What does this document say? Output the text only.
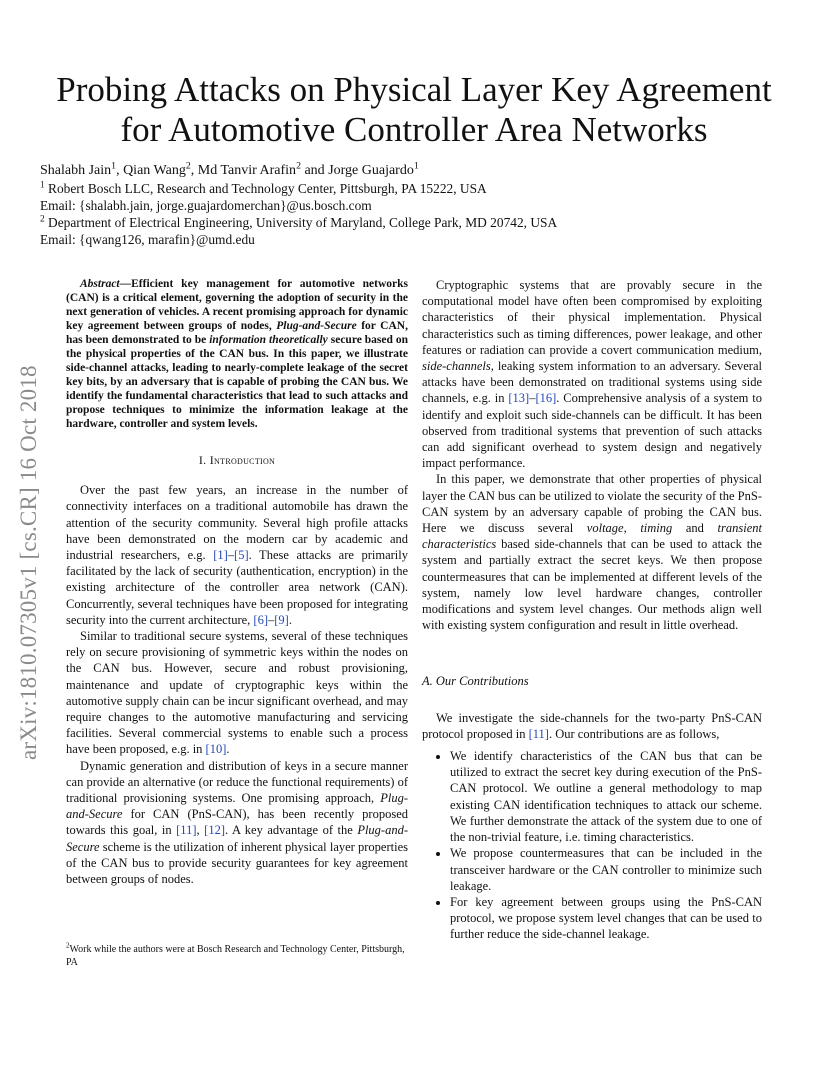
arXiv:1810.07305v1 [cs.CR] 16 Oct 2018
Probing Attacks on Physical Layer Key Agreement
for Automotive Controller Area Networks

Shalabh Jain$^1$, Qian Wang$^2$, Md Tanvir Arafin$^2$ and Jorge Guajardo$^1$

$^1$ Robert Bosch LLC, Research and Technology Center, Pittsburgh, PA 15222, USA

Email: {shalabh.jain, jorge.guajardomerchan}@us.bosch.com

$^2$ Department of Electrical Engineering, University of Maryland, College Park, MD 20742, USA

Email: {qwang126, marafin}@umd.edu

Abstract—Efficient key management for automotive networks (CAN) is a critical element, governing the adoption of security in the next generation of vehicles. A recent promising approach for dynamic key agreement between groups of nodes, Plug-and-Secure for CAN, has been demonstrated to be information theoretically secure based on the physical properties of the CAN bus. In this paper, we illustrate side-channel attacks, leading to nearly-complete leakage of the secret key bits, by an adversary that is capable of probing the CAN bus. We identify the fundamental characteristics that lead to such attacks and propose techniques to minimize the information leakage at the hardware, controller and system levels.

I. Introduction

Over the past few years, an increase in the number of connectivity interfaces on a traditional automobile has drawn the attention of the security community. Several high profile attacks have been demonstrated on the modern car by academic and industrial researchers, e.g. [1]–[5]. These attacks are primarily facilitated by the lack of security (authentication, encryption) in the existing architecture of the controller area network (CAN). Concurrently, several techniques have been proposed for integrating security into the current architecture, [6]–[9].

Similar to traditional secure systems, several of these techniques rely on secure provisioning of symmetric keys within the nodes on the CAN bus. However, secure and robust provisioning, maintenance and update of cryptographic keys within the automotive supply chain can be incur significant overhead, and may require changes to the automotive manufacturing and servicing facilities. Several commercial systems to enable such a process have been proposed, e.g. in [10].

Dynamic generation and distribution of keys in a secure manner can provide an alternative (or reduce the functional requirements) of traditional provisioning systems. One promising approach, Plug-and-Secure for CAN (PnS-CAN), has been recently proposed towards this goal, in [11], [12]. A key advantage of the Plug-and-Secure scheme is the utilization of inherent physical layer properties of the CAN bus to provide security guarantees for key agreement between groups of nodes.

$^2$Work while the authors were at Bosch Research and Technology Center, Pittsburgh, PA

Cryptographic systems that are provably secure in the computational model have often been compromised by exploiting characteristics of their physical implementation. Physical characteristics such as timing differences, power leakage, and other features or radiation can provide a covert communication medium, side-channels, leaking system information to an adversary. Several attacks have been demonstrated on traditional systems using side channels, e.g. in [13]–[16]. Comprehensive analysis of a system to identify and exploit such side-channels can be difficult. It has been observed from traditional systems that prevention of such attacks can add significant overhead to system design and negatively impact performance.

In this paper, we demonstrate that other properties of physical layer the CAN bus can be utilized to violate the security of the PnS-CAN system by an adversary capable of probing the CAN bus. Here we discuss several voltage, timing and transient characteristics based side-channels that can be used to attack the system and partially extract the secret keys. We then propose countermeasures that can be implemented at different levels of the system, namely low level hardware changes, controller modifications and system level changes. Our methods align well with existing system configuration and result in little overhead.

A. Our Contributions

We investigate the side-channels for the two-party PnS-CAN protocol proposed in [11]. Our contributions are as follows,

• We identify characteristics of the CAN bus that can be utilized to extract the secret key during execution of the PnS-CAN protocol. We outline a general methodology to map existing CAN identification techniques to attack our scheme. We further demonstrate the attack of the system due to one of the non-trivial feature, i.e. timing characteristics.
• We propose countermeasures that can be included in the transceiver hardware or the CAN controller to minimize such leakage.
• For key agreement between groups using the PnS-CAN protocol, we propose system level changes that can be used to further reduce the side-channel leakage.
